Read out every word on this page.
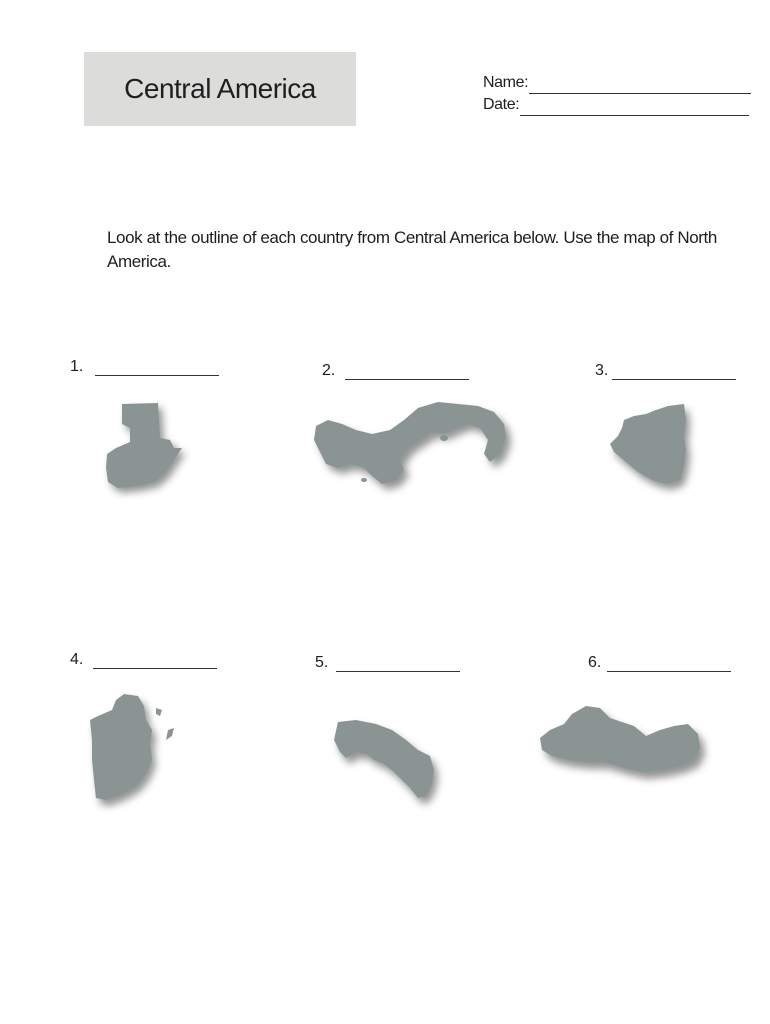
Central America	Name:
Date:
Look at the outline of each country from Central America below. Use the map of North America.
1.	2.	3.
4.	5.	6.
